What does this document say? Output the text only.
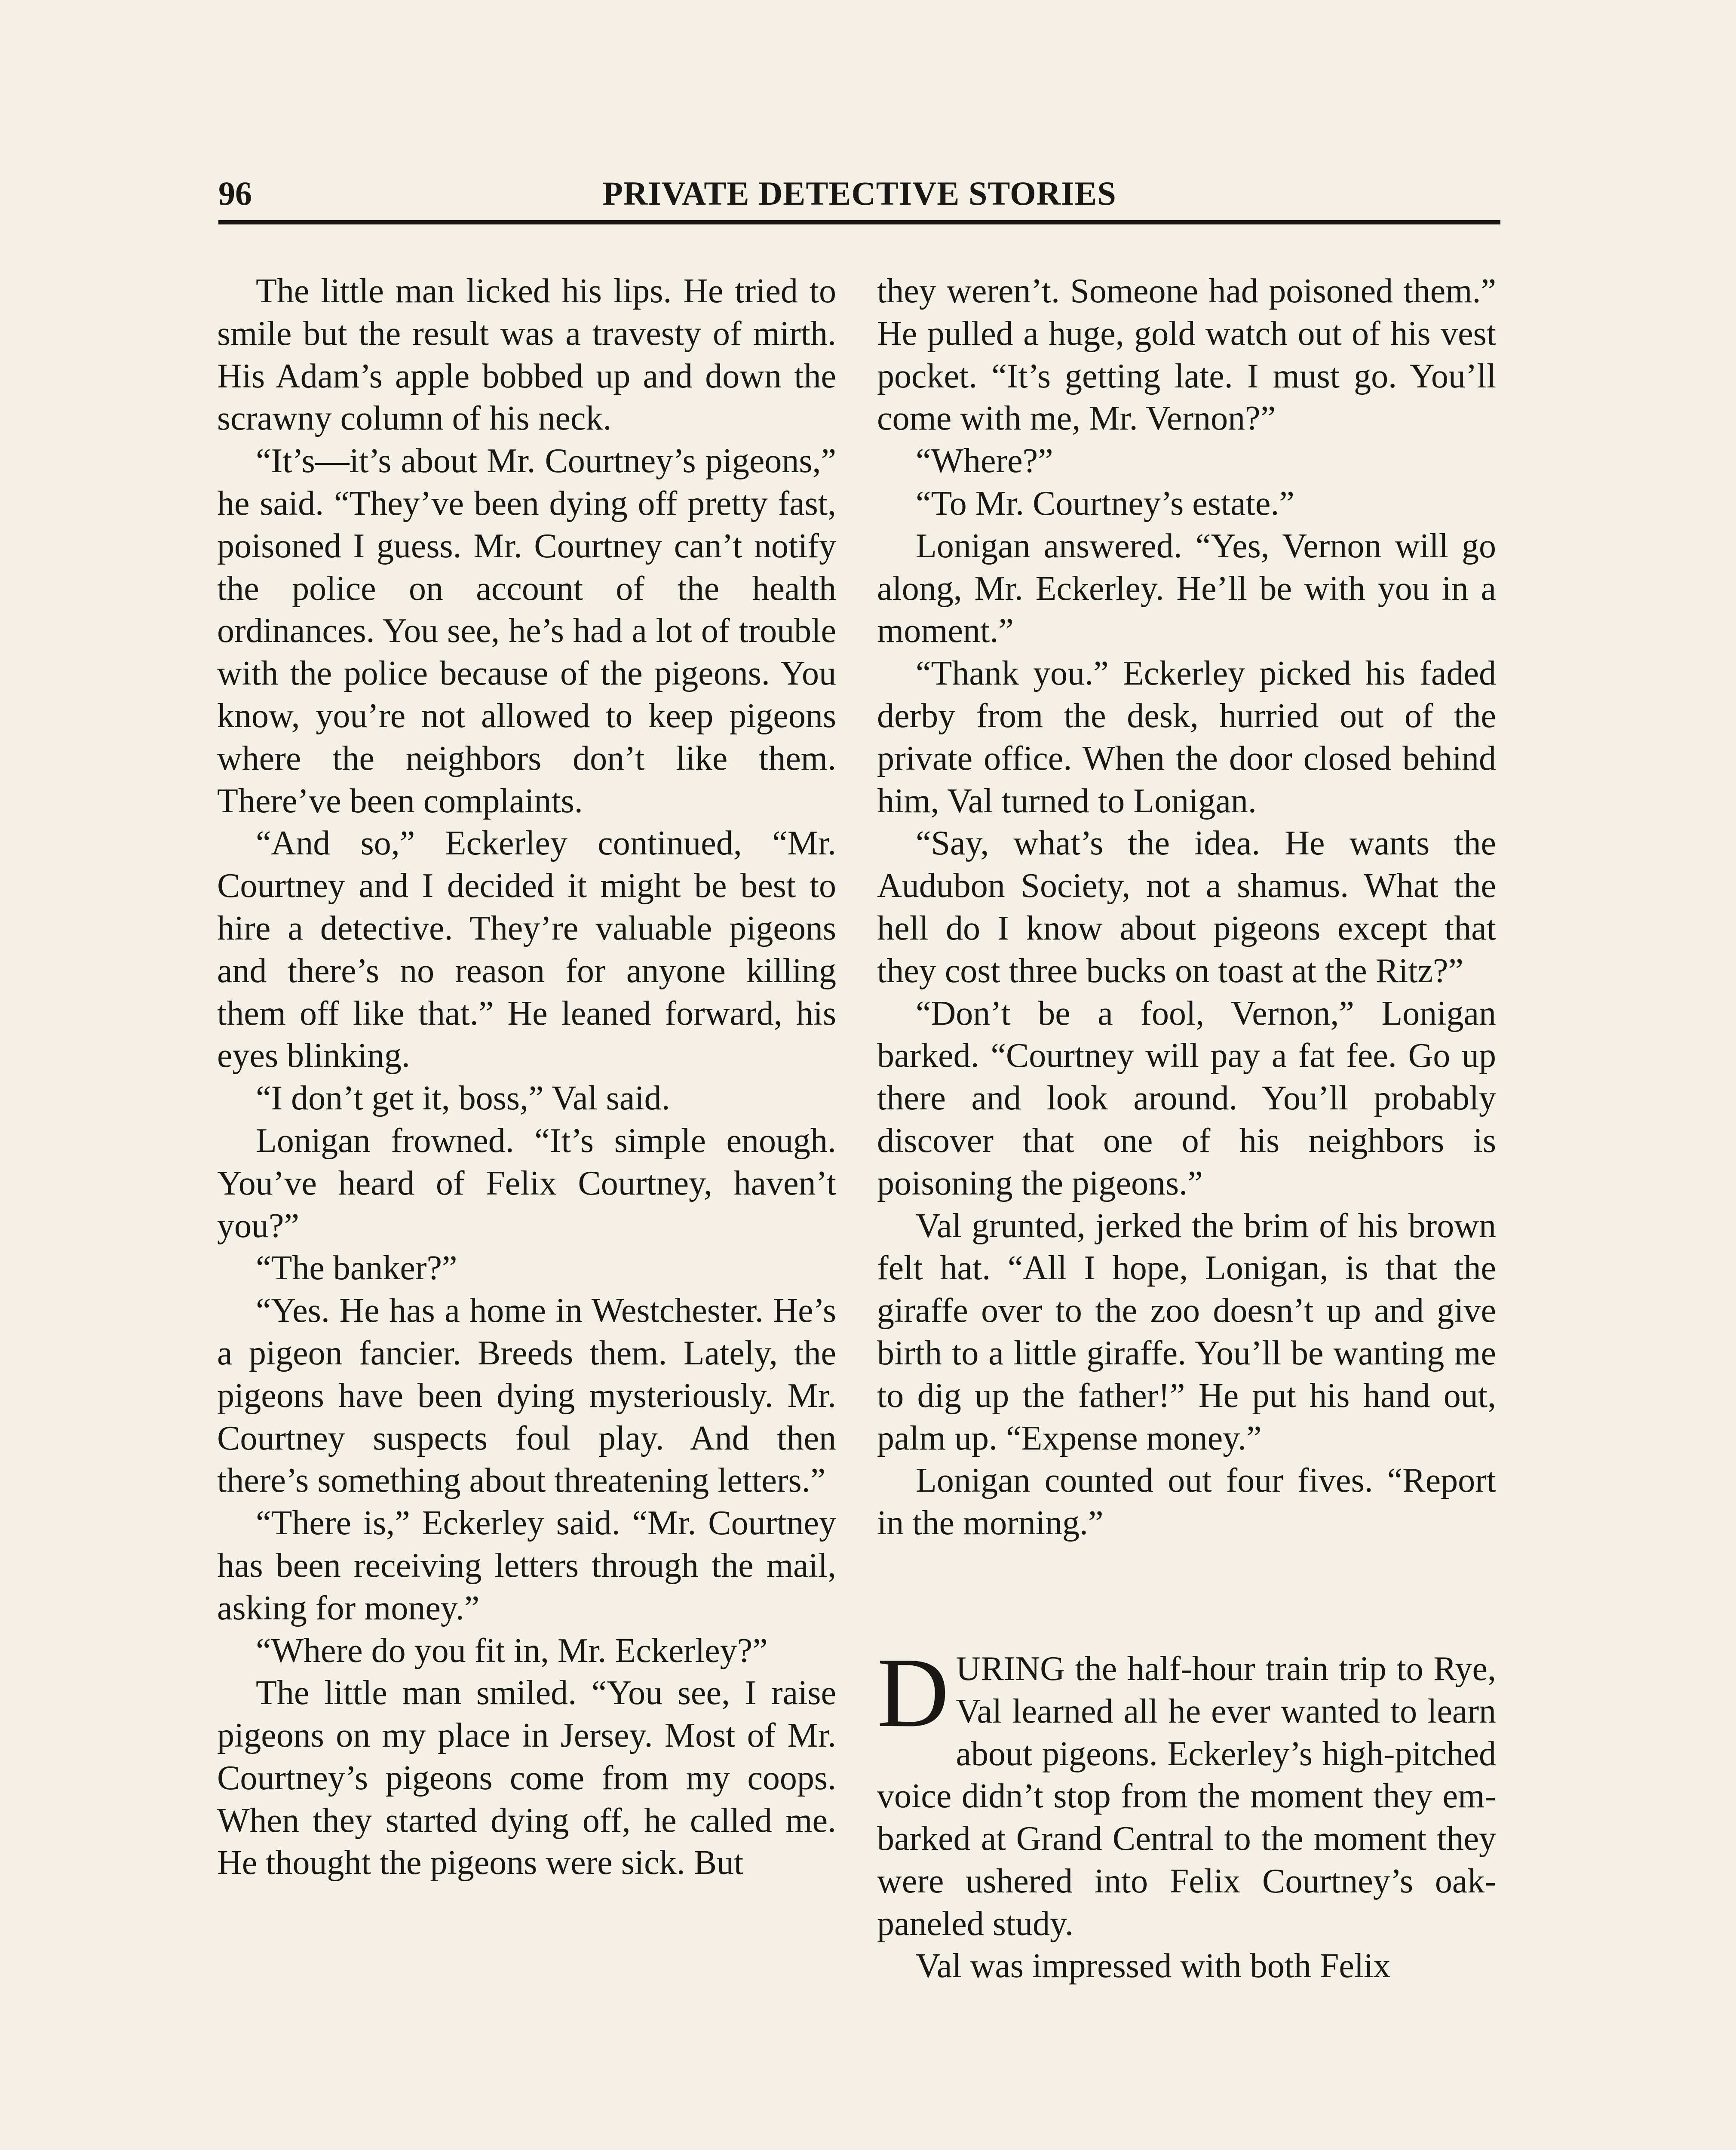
96	PRIVATE DETECTIVE STORIES

The little man licked his lips. He tried to smile but the result was a travesty of mirth. His Adam’s apple bobbed up and down the scrawny column of his neck.

“It’s—it’s about Mr. Courtney’s pigeons,” he said. “They’ve been dying off pretty fast, poisoned I guess. Mr. Courtney can’t notify the police on account of the health ordinances. You see, he’s had a lot of trouble with the police because of the pigeons. You know, you’re not allowed to keep pigeons where the neighbors don’t like them. There’ve been complaints.

“And so,” Eckerley continued, “Mr. Courtney and I decided it might be best to hire a detective. They’re valuable pigeons and there’s no reason for anyone killing them off like that.” He leaned forward, his eyes blinking.

“I don’t get it, boss,” Val said.

Lonigan frowned. “It’s simple enough. You’ve heard of Felix Courtney, haven’t you?”

“The banker?”

“Yes. He has a home in Westchester. He’s a pigeon fancier. Breeds them. Lately, the pigeons have been dying mysteriously. Mr. Courtney suspects foul play. And then there’s something about threatening letters.”

“There is,” Eckerley said. “Mr. Courtney has been receiving letters through the mail, asking for money.”

“Where do you fit in, Mr. Eckerley?”

The little man smiled. “You see, I raise pigeons on my place in Jersey. Most of Mr. Courtney’s pigeons come from my coops. When they started dying off, he called me. He thought the pigeons were sick. But

they weren’t. Someone had poisoned them.” He pulled a huge, gold watch out of his vest pocket. “It’s getting late. I must go. You’ll come with me, Mr. Vernon?”

“Where?”

“To Mr. Courtney’s estate.”

Lonigan answered. “Yes, Vernon will go along, Mr. Eckerley. He’ll be with you in a moment.”

“Thank you.” Eckerley picked his faded derby from the desk, hurried out of the private office. When the door closed behind him, Val turned to Lonigan.

“Say, what’s the idea. He wants the Audubon Society, not a shamus. What the hell do I know about pigeons except that they cost three bucks on toast at the Ritz?”

“Don’t be a fool, Vernon,” Lonigan barked. “Courtney will pay a fat fee. Go up there and look around. You’ll probably discover that one of his neighbors is poisoning the pigeons.”

Val grunted, jerked the brim of his brown felt hat. “All I hope, Lonigan, is that the giraffe over to the zoo doesn’t up and give birth to a little giraffe. You’ll be wanting me to dig up the father!” He put his hand out, palm up. “Expense money.”

Lonigan counted out four fives. “Report in the morning.”

DURING the half-hour train trip to Rye, Val learned all he ever wanted to learn about pigeons. Eckerley’s high-pitched voice didn’t stop from the moment they embarked at Grand Central to the moment they were ushered into Felix Courtney’s oak-paneled study.

Val was impressed with both Felix
